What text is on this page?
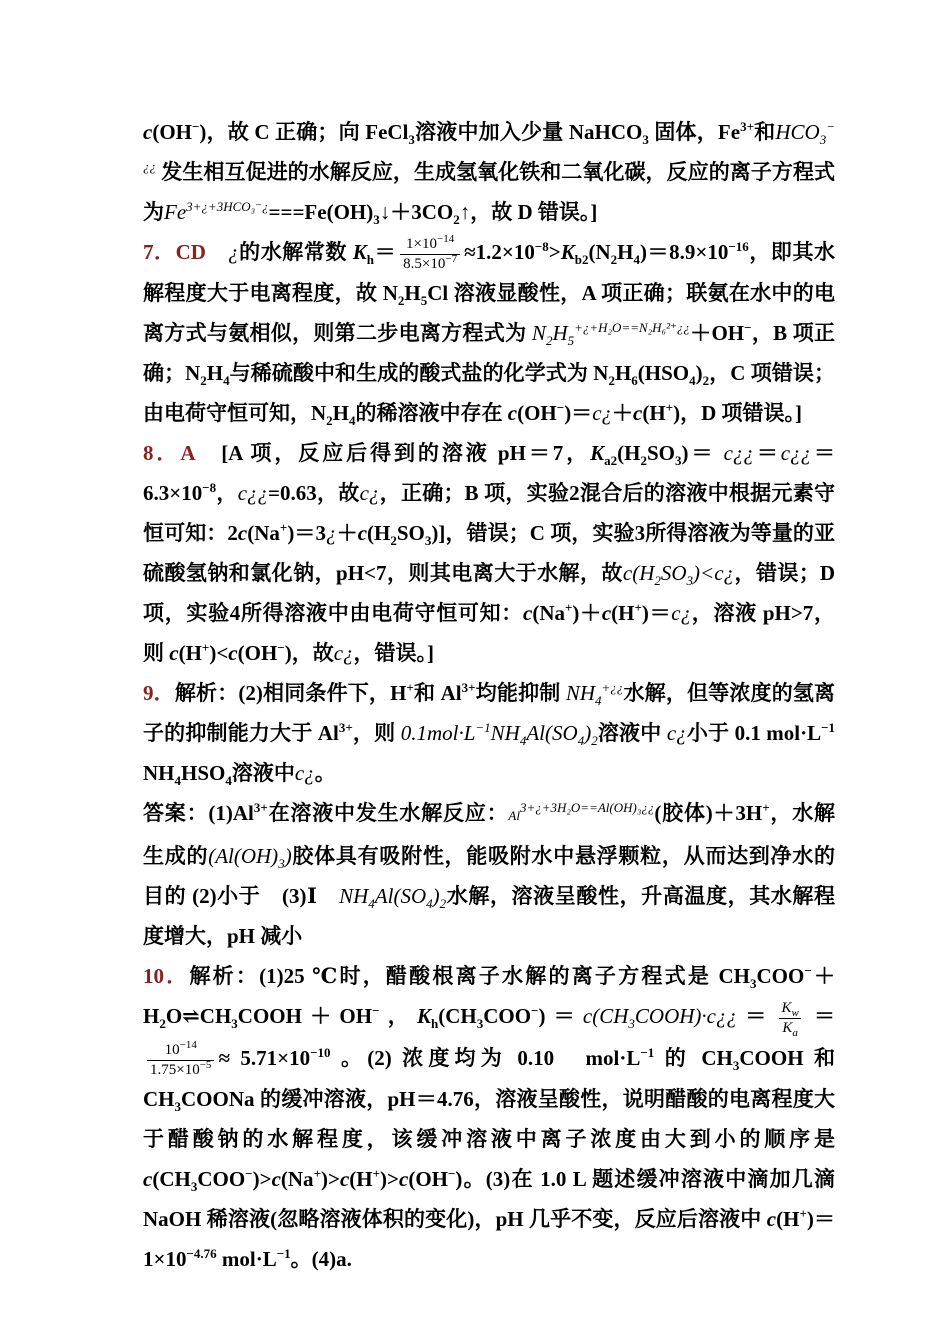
c(OH−)，故 C 正确；向 FeCl$_3$溶液中加入少量 NaHCO$_3$ 固体，$Fe^{3+}$和$HCO_3^{-¿¿}$ 发生相互促进的水解反应，生成氢氧化铁和二氧化碳，反应的离子方程式为$Fe^{3+¿+3HCO_3^-¿}===Fe(OH)_3↓+3CO_2↑$，故 D 错误。]

7．CD　 ¿的水解常数 $K_h= \frac{1\times 10^{-14}}{8.5\times 10^{-7}} \approx 1.2\times 10^{-8}>K_{b2}(N_2H_4)=8.9\times 10^{-16}$，即其水解程度大于电离程度，故 $N_2H_5Cl$ 溶液显酸性，A 项正确；联氨在水中的电离方式与氨相似，则第二步电离方程式为 $N_2H_5^{+¿+H_2O==N_2H_6^{2+}¿¿}+OH^-$，B 项正确；$N_2H_4$与稀硫酸中和生成的酸式盐的化学式为 $N_2H_6(HSO_4)_2$，C 项错误；由电荷守恒可知，$N_2H_4$的稀溶液中存在 c(OH−)＝c¿＋c(H+)，D 项错误。]

8．A　[A 项，反应后得到的溶液 pH＝7，$K_{a2}(H_2SO_3)=$ $c¿¿=c¿¿=6.3\times 10^{-8}$，c¿¿=0.63，故c¿，正确；B 项，实验2混合后的溶液中根据元素守恒可知：$2c(Na^+)=3¿+c(H_2SO_3)$]，错误；C 项，实验3所得溶液为等量的亚硫酸氢钠和氯化钠，pH<7，则其电离大于水解，故$c(H_2SO_3)<c¿$，错误；D 项，实验4所得溶液中由电荷守恒可知：c(Na+)＋c(H+)＝c¿，溶液 pH>7，则 c(H+)<c(OH−)，故c¿，错误。]

9．解析：(2)相同条件下，H+和 $Al^{3+}$均能抑制 $NH_4^{+¿¿}$水解，但等浓度的氢离子的抑制能力大于 $Al^{3+}$，则 $0.1mol\cdot L^{-1}NH_4Al(SO_4)_2$溶液中 c¿小于 0.1 $mol\cdot L^{-1}$ $NH_4HSO_4$溶液中c¿。

答案：$(1)Al^{3+}$在溶液中发生水解反应：$Al^{3+¿+3H_2O==Al(OH)_3¿¿}$(胶体)＋3H+，水解生成的$(Al(OH)_3)$胶体具有吸附性，能吸附水中悬浮颗粒，从而达到净水的目的 (2)小于　(3)Ⅰ　$NH_4Al(SO_4)_2$水解，溶液呈酸性，升高温度，其水解程度增大，pH 减小

10．解析：(1)25 ℃时，醋酸根离子水解的离子方程式是 $CH_3COO^-+H_2O\rightleftharpoons CH_3COOH+OH^-$，$K_h(CH_3COO^-)=c(CH_3COOH)\cdot c¿¿= \frac{K_w}{K_a}$ ＝
$\frac{10^{-14}}{1.75\times 10^{-5}} \approx 5.71\times 10^{-10}$ 。(2) 浓度均为 0.10　$mol\cdot L^{-1}$ 的 $CH_3COOH$ 和 $CH_3COONa$ 的缓冲溶液，pH＝4.76，溶液呈酸性，说明醋酸的电离程度大于醋酸钠的水解程度，该缓冲溶液中离子浓度由大到小的顺序是 $c(CH_3COO^-)>c(Na^+)>c(H^+)>c(OH^-)$。(3)在 1.0 L 题述缓冲溶液中滴加几滴 NaOH 稀溶液(忽略溶液体积的变化)，pH 几乎不变，反应后溶液中 $c(H^+)=1\times 10^{-4.76}$ $mol\cdot L^{-1}$。(4)a.
